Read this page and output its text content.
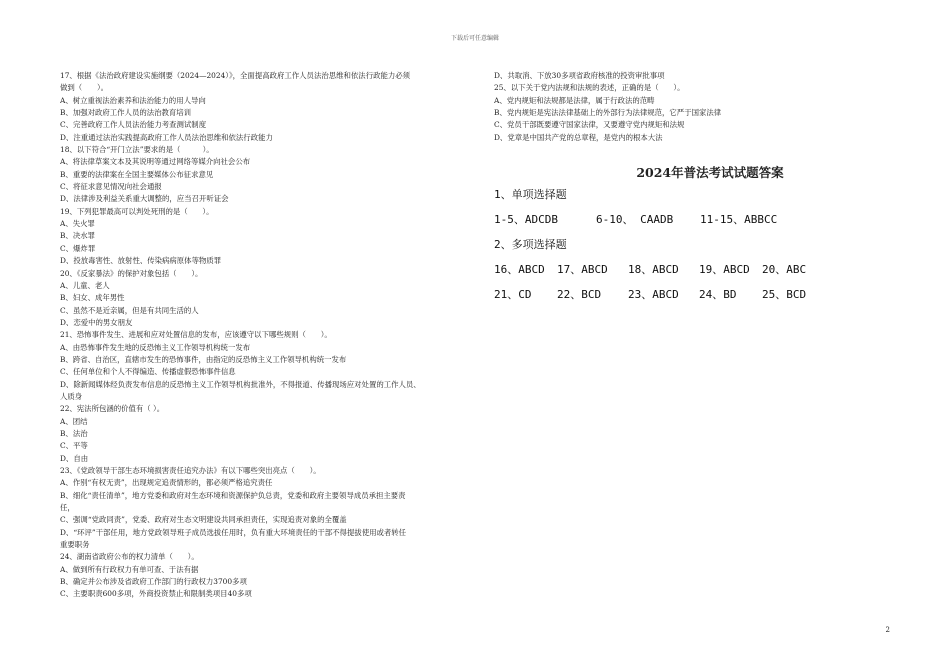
下载后可任意编辑
17、根据《法治政府建设实施纲要（2024—2024）》，全面提高政府工作人员法治思维和依法行政能力必须
做到（　　）。
A、树立重视法治素养和法治能力的用人导向
B、加强对政府工作人员的法治教育培训
C、完善政府工作人员法治能力考查测试制度
D、注重通过法治实践提高政府工作人员法治思维和依法行政能力
18、以下符合“开门立法”要求的是（　　　）。
A、将法律草案文本及其说明等通过网络等媒介向社会公布
B、重要的法律案在全国主要媒体公布征求意见
C、将征求意见情况向社会通报
D、法律涉及利益关系重大调整的，应当召开听证会
19、下列犯罪最高可以判处死刑的是（　　）。
A、失火罪
B、决水罪
C、爆炸罪
D、投放毒害性、放射性、传染病病原体等物质罪
20、《反家暴法》的保护对象包括（　　）。
A、儿童、老人
B、妇女、成年男性
C、虽然不是近亲属，但是有共同生活的人
D、恋爱中的男女朋友
21、恐怖事件发生、进展和应对处置信息的发布，应该遵守以下哪些规则（　　）。
A、由恐怖事件发生地的反恐怖主义工作领导机构统一发布
B、跨省、自治区，直辖市发生的恐怖事件，由指定的反恐怖主义工作领导机构统一发布
C、任何单位和个人不得编造、传播虚假恐怖事件信息
D、除新闻媒体经负责发布信息的反恐怖主义工作领导机构批准外，不得报道、传播现场应对处置的工作人员、
人质身
22、宪法所包涵的价值有（ ）。
A、团结
B、法治
C、平等
D、自由
23、《党政领导干部生态环境损害责任追究办法》有以下哪些突出亮点（　　）。
A、作别“有权无责”，出现规定追责情形的，都必须严格追究责任
B、细化“责任清单”，地方党委和政府对生态环境和资源保护负总责，党委和政府主要领导成员承担主要责
任，
C、强调“党政同责”，党委、政府对生态文明建设共同承担责任，实现追责对象的全覆盖
D、“环评”干部任用，地方党政领导班子成员选拔任用时，负有重大环境责任的干部不得提拔使用或者转任
重要职务
24、湖南省政府公布的权力清单（　　）。
A、做到所有行政权力有单可查、于法有据
B、确定并公布涉及省政府工作部门的行政权力3700多项
C、主要职责600多项，外商投资禁止和限制类项目40多项
D、共取消、下放30多项省政府核准的投资审批事项
25、以下关于党内法规和法规的表述，正确的是（　　）。
A、党内规矩和法规都是法律，属于行政法的范畴
B、党内规矩是宪法法律基础上的外部行为法律规范，它严于国家法律
C、党员干部既要遵守国家法律，又要遵守党内规矩和法规
D、党章是中国共产党的总章程，是党内的根本大法
2024年普法考试试题答案
1、单项选择题
1-5、ADCDB	6-10、 CAADB 11-15、ABBCC
2、多项选择题
16、ABCD 17、ABCD 18、ABCD 19、ABCD 20、ABC
21、CD 22、BCD 23、ABCD 24、BD 25、BCD
2
